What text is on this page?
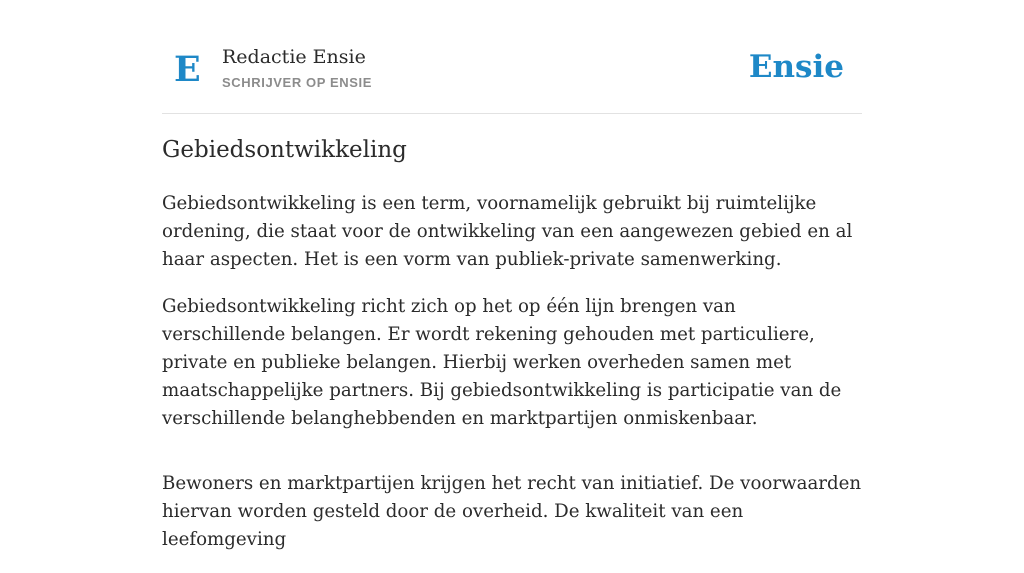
E Redactie Ensie
SCHRIJVER OP ENSIE	Ensie
Gebiedsontwikkeling

Gebiedsontwikkeling is een term, voornamelijk gebruikt bij ruimtelijke ordening, die staat voor de ontwikkeling van een aangewezen gebied en al haar aspecten. Het is een vorm van publiek-private samenwerking.

Gebiedsontwikkeling richt zich op het op één lijn brengen van verschillende belangen. Er wordt rekening gehouden met particuliere, private en publieke belangen. Hierbij werken overheden samen met maatschappelijke partners. Bij gebiedsontwikkeling is participatie van de verschillende belanghebbenden en marktpartijen onmiskenbaar.

Bewoners en marktpartijen krijgen het recht van initiatief. De voorwaarden hiervan worden gesteld door de overheid. De kwaliteit van een leefomgeving
